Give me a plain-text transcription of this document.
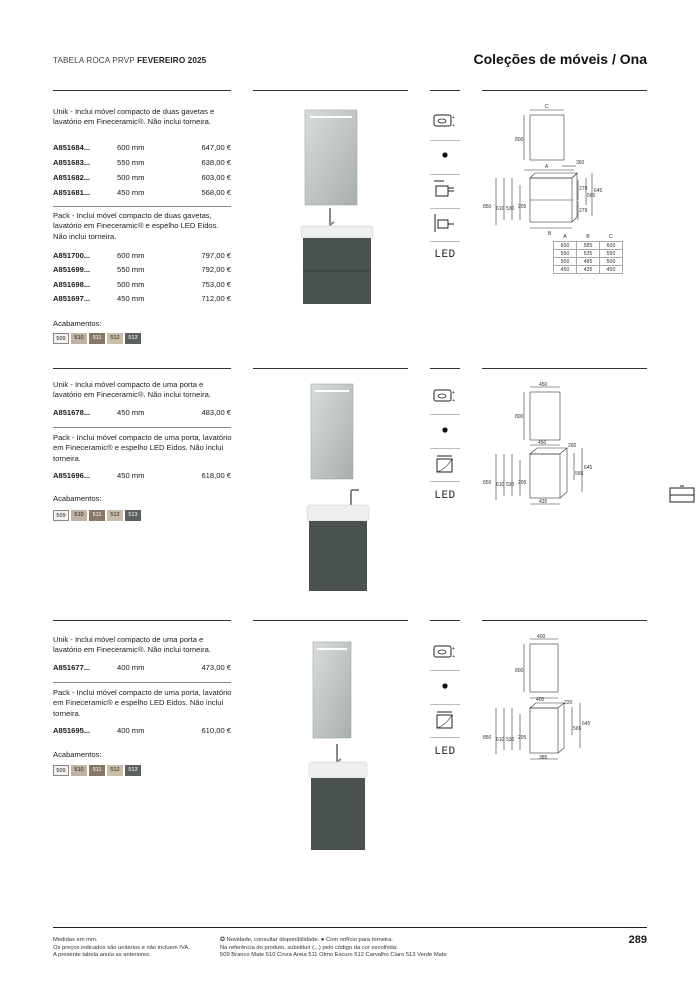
TABELA ROCA PRVP FEVEREIRO 2025	Coleções de móveis / Ona
Unik - Inclui móvel compacto de duas gavetas e lavatório em Fineceramic®. Não inclui torneira.
A851684...	600 mm	647,00 €
A851683...	550 mm	638,00 €
A851682...	500 mm	603,00 €
A851681...	450 mm	568,00 €
Pack - Inclui móvel compacto de duas gavetas, lavatório em Fineceramic® e espelho LED Eidos. Não inclui torneira.
A851700...	600 mm	797,00 €
A851699...	550 mm	792,00 €
A851698...	500 mm	753,00 €
A851697...	450 mm	712,00 €
Acabamentos:
509	510	511	512	513
+
+
LED
C
800
A
360
279
279
645
565
850 610 530 205
B A	B	C
600	585	600
550	535	550
500	485	500
450	435	450
Unik - Inclui móvel compacto de uma porta e lavatório em Fineceramic®. Não inclui torneira.
A851678...	450 mm	483,00 €
Pack - Inclui móvel compacto de uma porta, lavatório em Fineceramic® e espelho LED Eidos. Não inclui torneira.
A851696...	450 mm	618,00 €
Acabamentos:
509	510	511	512	513
+
+
LED
450
800
450	260
645
565
850 610 530 205
435
Unik - Inclui móvel compacto de uma porta e lavatório em Fineceramic®. Não inclui torneira.
A851677...	400 mm	473,00 €
Pack - Inclui móvel compacto de uma porta, lavatório em Fineceramic® e espelho LED Eidos. Não inclui torneira.
A851695...	400 mm	610,00 €
Acabamentos:
509	510	511	512	513
+
+
LED
400
800
400	220
645
565
850 610 530 205
385
Medidas em mm.
Os preços indicados são unitários e não incluem IVA.
A presente tabela anula as anteriores.
✪ Novidade, consultar disponibilidade. ● Com orifício para torneira.
Na referência do produto, substituir (...) pelo código da cor escolhida:
509 Branco Mate 510 Cinza Areia 511 Olmo Escuro 512 Carvalho Claro 513 Verde Mate
289
